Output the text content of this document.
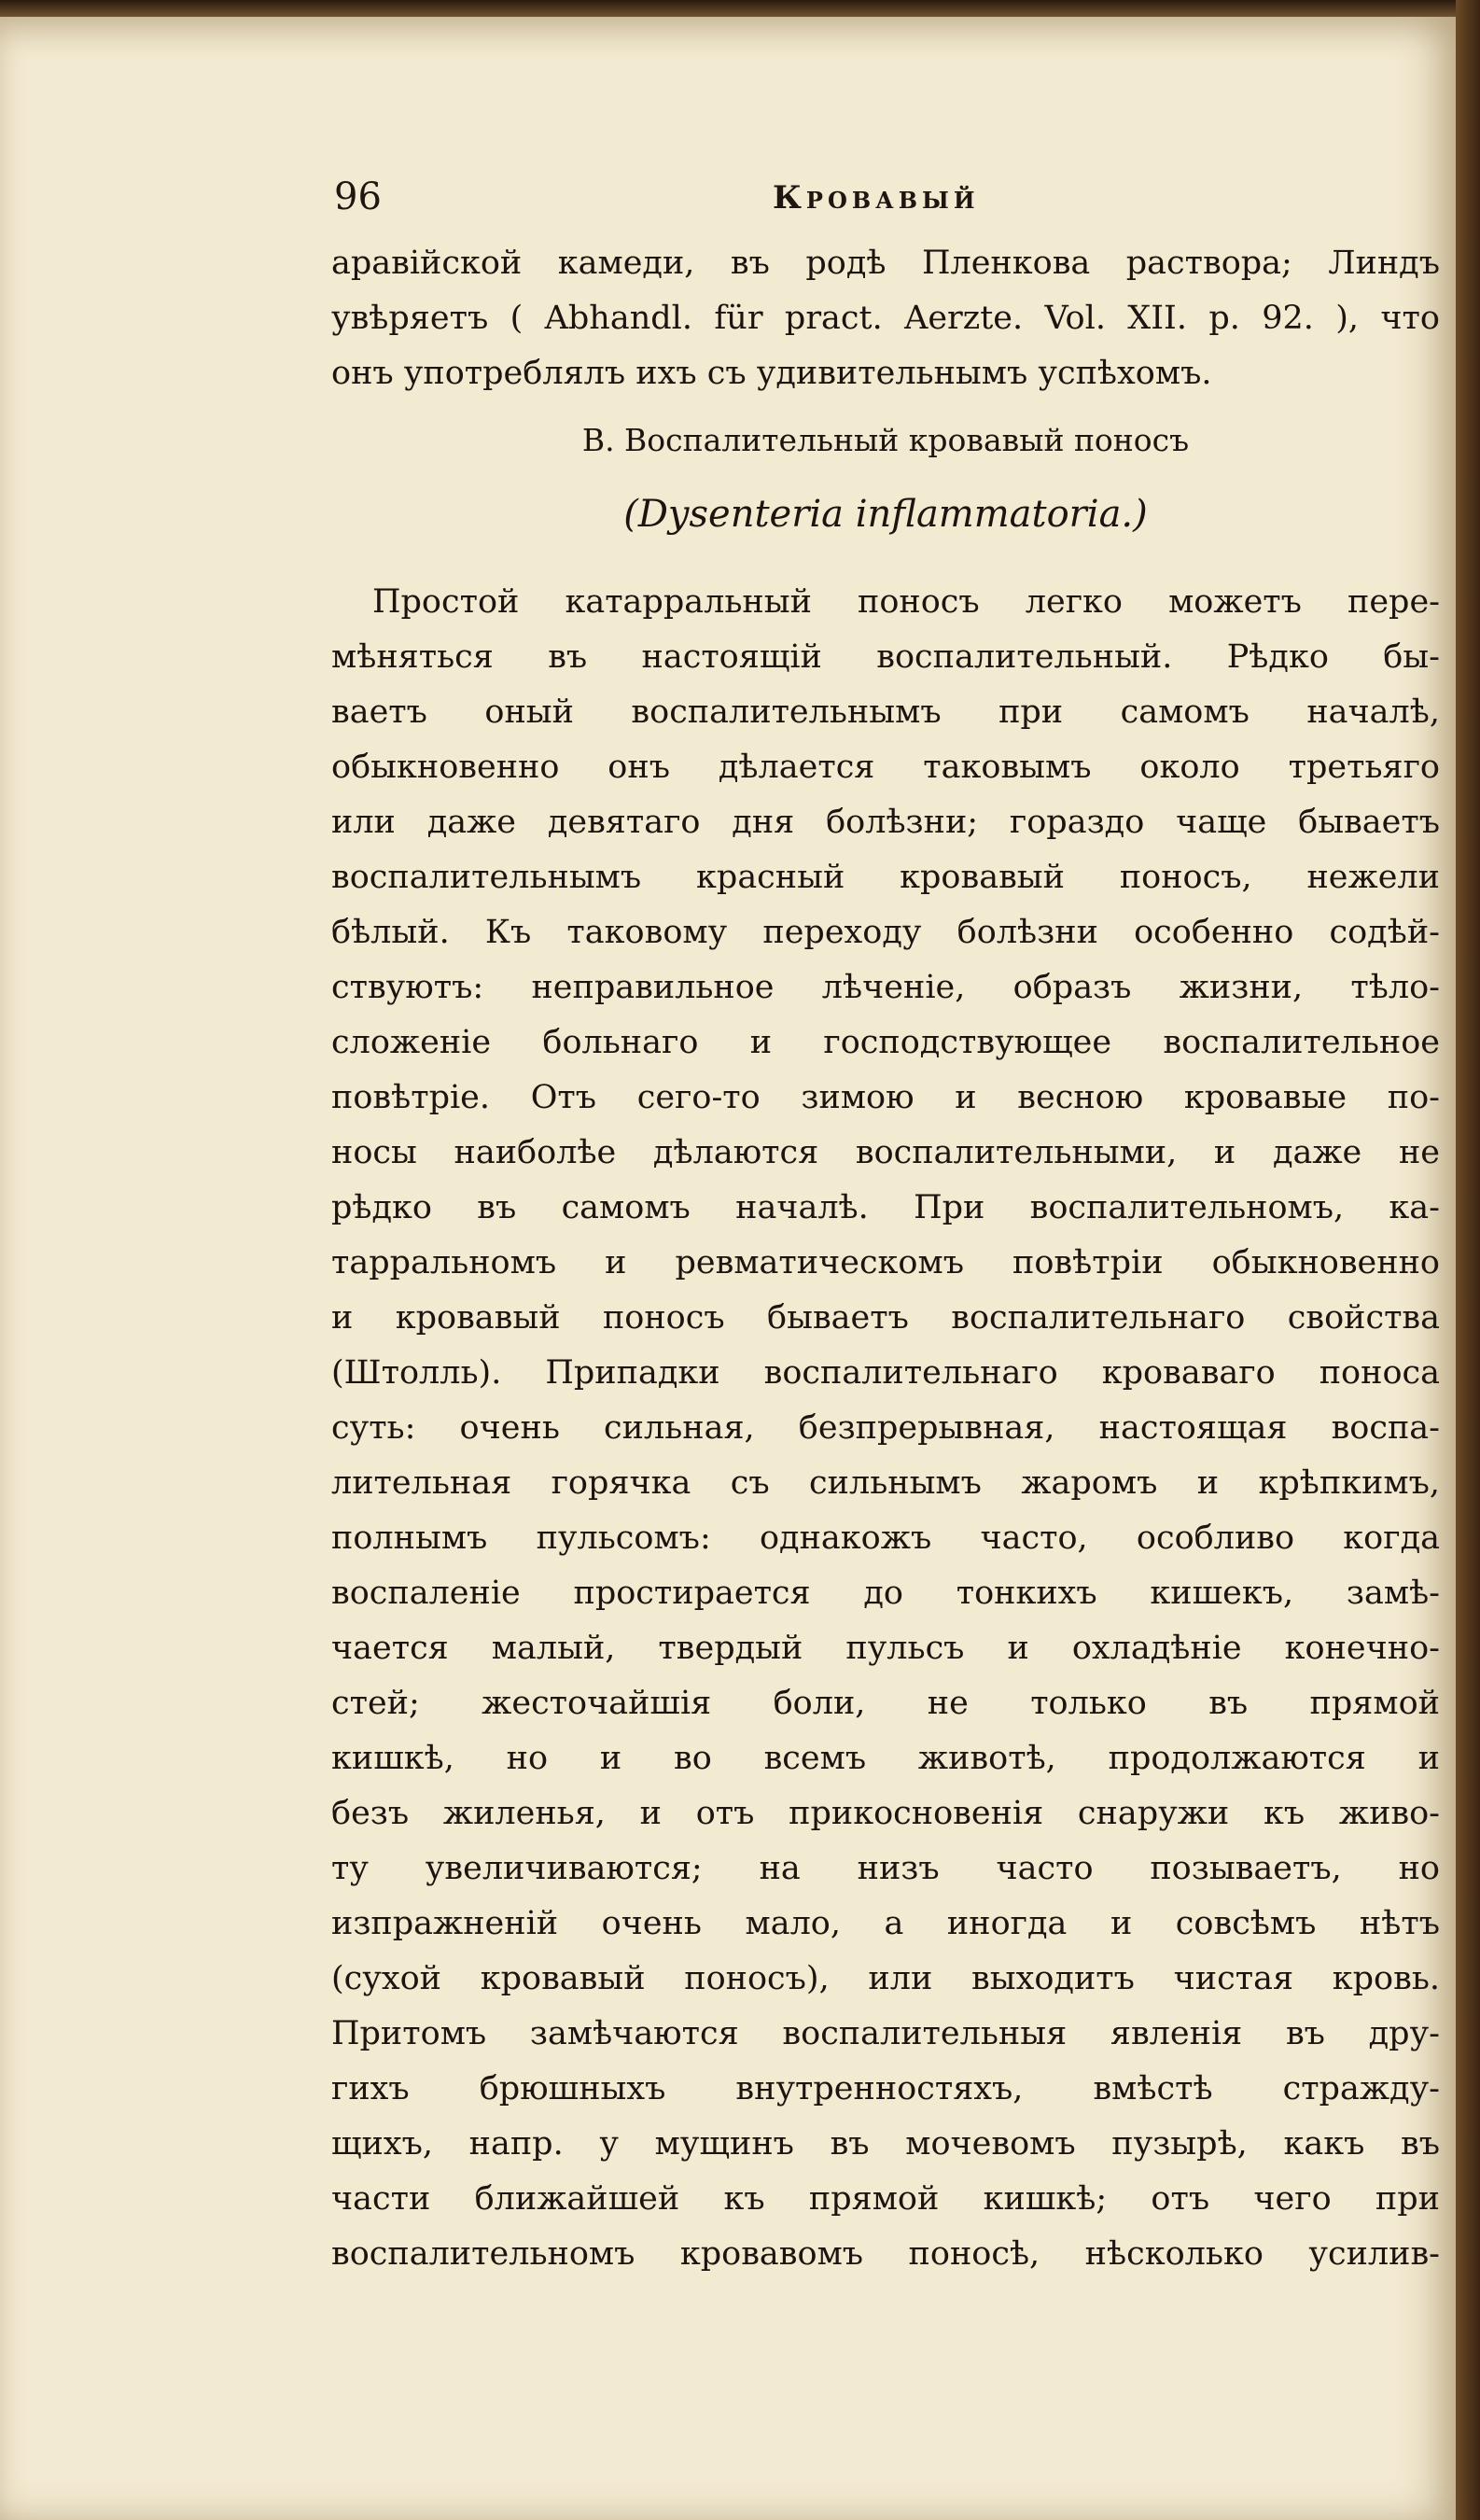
96	Кровавый
аравійской камеди, въ родѣ Пленкова раствора; Линдъ
увѣряетъ ( Abhandl. für pract. Aerzte. Vol. XII. p. 92. ), что
онъ употреблялъ ихъ съ удивительнымъ успѣхомъ.
B. Воспалительный кровавый поносъ
(Dysenteria inflammatoria.)
Простой катарральный поносъ легко можетъ пере-
мѣняться въ настоящій воспалительный. Рѣдко бы-
ваетъ оный воспалительнымъ при самомъ началѣ,
обыкновенно онъ дѣлается таковымъ около третьяго
или даже девятаго дня болѣзни; гораздо чаще бываетъ
воспалительнымъ красный кровавый поносъ, нежели
бѣлый. Къ таковому переходу болѣзни особенно содѣй-
ствуютъ: неправильное лѣченіе, образъ жизни, тѣло-
сложеніе больнаго и господствующее воспалительное
повѣтріе. Отъ сего-то зимою и весною кровавые по-
носы наиболѣе дѣлаются воспалительными, и даже не
рѣдко въ самомъ началѣ. При воспалительномъ, ка-
тарральномъ и ревматическомъ повѣтріи обыкновенно
и кровавый поносъ бываетъ воспалительнаго свойства
(Штолль). Припадки воспалительнаго кроваваго поноса
суть: очень сильная, безпрерывная, настоящая воспа-
лительная горячка съ сильнымъ жаромъ и крѣпкимъ,
полнымъ пульсомъ: однакожъ часто, особливо когда
воспаленіе простирается до тонкихъ кишекъ, замѣ-
чается малый, твердый пульсъ и охладѣніе конечно-
стей; жесточайшія боли, не только въ прямой
кишкѣ, но и во всемъ животѣ, продолжаются и
безъ жиленья, и отъ прикосновенія снаружи къ живо-
ту увеличиваются; на низъ часто позываетъ, но
изпражненій очень мало, а иногда и совсѣмъ нѣтъ
(сухой кровавый поносъ), или выходитъ чистая кровь.
Притомъ замѣчаются воспалительныя явленія въ дру-
гихъ брюшныхъ внутренностяхъ, вмѣстѣ стражду-
щихъ, напр. у мущинъ въ мочевомъ пузырѣ, какъ въ
части ближайшей къ прямой кишкѣ; отъ чего при
воспалительномъ кровавомъ поносѣ, нѣсколько усилив-
